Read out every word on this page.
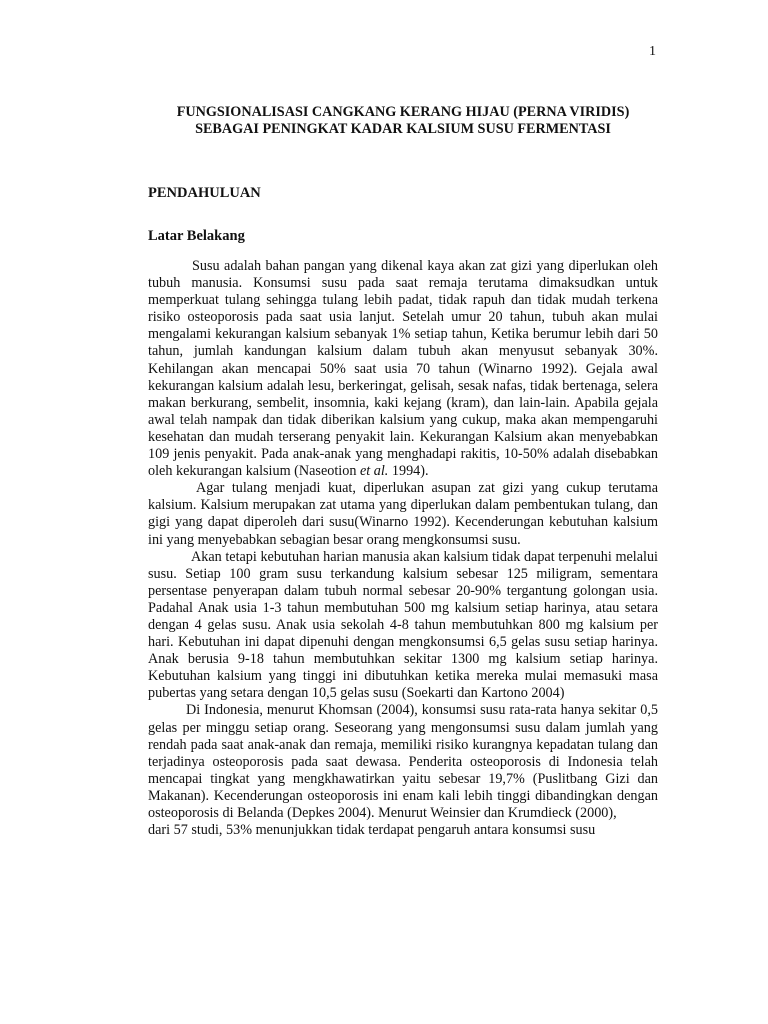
1
FUNGSIONALISASI CANGKANG KERANG HIJAU (PERNA VIRIDIS)
SEBAGAI PENINGKAT KADAR KALSIUM SUSU FERMENTASI
PENDAHULUAN
Latar Belakang

Susu adalah bahan pangan yang dikenal kaya akan zat gizi yang diperlukan oleh tubuh manusia. Konsumsi susu pada saat remaja terutama dimaksudkan untuk memperkuat tulang sehingga tulang lebih padat, tidak rapuh dan tidak mudah terkena risiko osteoporosis pada saat usia lanjut. Setelah umur 20 tahun, tubuh akan mulai mengalami kekurangan kalsium sebanyak 1% setiap tahun, Ketika berumur lebih dari 50 tahun, jumlah kandungan kalsium dalam tubuh akan menyusut sebanyak 30%. Kehilangan akan mencapai 50% saat usia 70 tahun (Winarno 1992). Gejala awal kekurangan kalsium adalah lesu, berkeringat, gelisah, sesak nafas, tidak bertenaga, selera makan berkurang, sembelit, insomnia, kaki kejang (kram), dan lain-lain. Apabila gejala awal telah nampak dan tidak diberikan kalsium yang cukup, maka akan mempengaruhi kesehatan dan mudah terserang penyakit lain. Kekurangan Kalsium akan menyebabkan 109 jenis penyakit. Pada anak-anak yang menghadapi rakitis, 10-50% adalah disebabkan oleh kekurangan kalsium (Naseotion et al. 1994).

Agar tulang menjadi kuat, diperlukan asupan zat gizi yang cukup terutama kalsium. Kalsium merupakan zat utama yang diperlukan dalam pembentukan tulang, dan gigi yang dapat diperoleh dari susu(Winarno 1992). Kecenderungan kebutuhan kalsium ini yang menyebabkan sebagian besar orang mengkonsumsi susu.

Akan tetapi kebutuhan harian manusia akan kalsium tidak dapat terpenuhi melalui susu. Setiap 100 gram susu terkandung kalsium sebesar 125 miligram, sementara persentase penyerapan dalam tubuh normal sebesar 20-90% tergantung golongan usia. Padahal Anak usia 1-3 tahun membutuhan 500 mg kalsium setiap harinya, atau setara dengan 4 gelas susu. Anak usia sekolah 4-8 tahun membutuhkan 800 mg kalsium per hari. Kebutuhan ini dapat dipenuhi dengan mengkonsumsi 6,5 gelas susu setiap harinya. Anak berusia 9-18 tahun membutuhkan sekitar 1300 mg kalsium setiap harinya. Kebutuhan kalsium yang tinggi ini dibutuhkan ketika mereka mulai memasuki masa pubertas yang setara dengan 10,5 gelas susu (Soekarti dan Kartono 2004)

Di Indonesia, menurut Khomsan (2004), konsumsi susu rata-rata hanya sekitar 0,5 gelas per minggu setiap orang. Seseorang yang mengonsumsi susu dalam jumlah yang rendah pada saat anak-anak dan remaja, memiliki risiko kurangnya kepadatan tulang dan terjadinya osteoporosis pada saat dewasa. Penderita osteoporosis di Indonesia telah mencapai tingkat yang mengkhawatirkan yaitu sebesar 19,7% (Puslitbang Gizi dan Makanan). Kecenderungan osteoporosis ini enam kali lebih tinggi dibandingkan dengan osteoporosis di Belanda (Depkes 2004). Menurut Weinsier dan Krumdieck (2000),

dari 57 studi, 53% menunjukkan tidak terdapat pengaruh antara konsumsi susu
